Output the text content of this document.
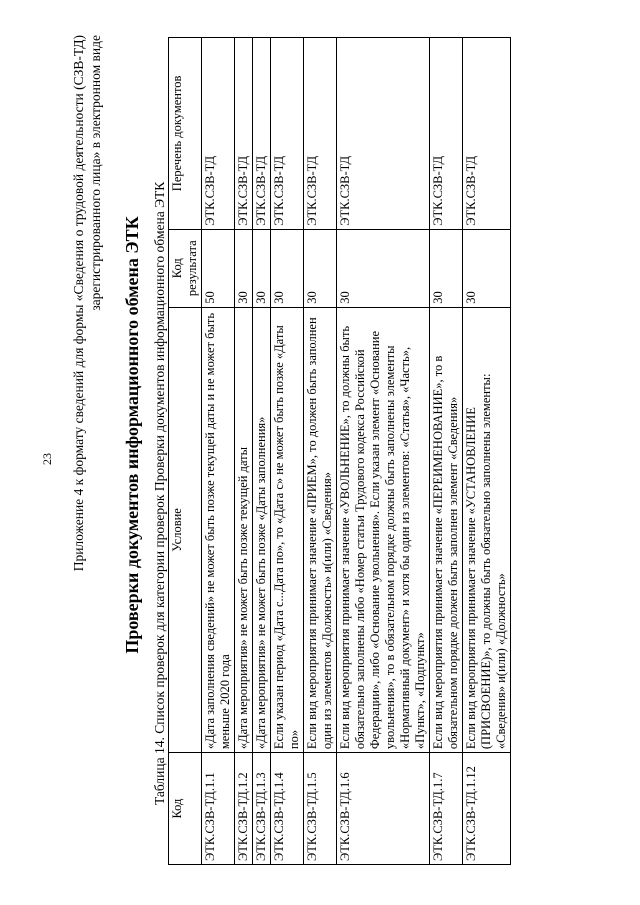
23 Приложение 4 к формату сведений для формы «Сведения о трудовой деятельности (СЗВ-ТД) зарегистрированного лица» в электронном виде
Проверки документов информационного обмена ЭТК Таблица 14. Список проверок для категории проверок Проверки документов информационного обмена ЭТК
Код	Условие	Код результата	Перечень документов
ЭТК.СЗВ-ТД.1.1	«Дата заполнения сведений» не может быть позже текущей даты и не может быть меньше 2020 года	50	ЭТК.СЗВ-ТД
ЭТК.СЗВ-ТД.1.2	«Дата мероприятия» не может быть позже текущей даты	30	ЭТК.СЗВ-ТД
ЭТК.СЗВ-ТД.1.3	«Дата мероприятия» не может быть позже «Даты заполнения»	30	ЭТК.СЗВ-ТД
ЭТК.СЗВ-ТД.1.4	Если указан период «Дата с...Дата по», то «Дата с» не может быть позже «Даты по»	30	ЭТК.СЗВ-ТД
ЭТК.СЗВ-ТД.1.5	Если вид мероприятия принимает значение «ПРИЕМ», то должен быть заполнен один из элементов «Должность» и(или) «Сведения»	30	ЭТК.СЗВ-ТД
ЭТК.СЗВ-ТД.1.6	Если вид мероприятия принимает значение «УВОЛЬНЕНИЕ», то должны быть обязательно заполнены либо «Номер статьи Трудового кодекса Российской Федерации», либо «Основание увольнения». Если указан элемент «Основание увольнения», то в обязательном порядке должны быть заполнены элементы «Нормативный документ» и хотя бы один из элементов: «Статья», «Часть», «Пункт», «Подпункт»	30	ЭТК.СЗВ-ТД
ЭТК.СЗВ-ТД.1.7	Если вид мероприятия принимает значение «ПЕРЕИМЕНОВАНИЕ», то в обязательном порядке должен быть заполнен элемент «Сведения»	30	ЭТК.СЗВ-ТД
ЭТК.СЗВ-ТД.1.12	Если вид мероприятия принимает значение «УСТАНОВЛЕНИЕ (ПРИСВОЕНИЕ)», то должны быть обязательно заполнены элементы: «Сведения» и(или) «Должность»	30	ЭТК.СЗВ-ТД
